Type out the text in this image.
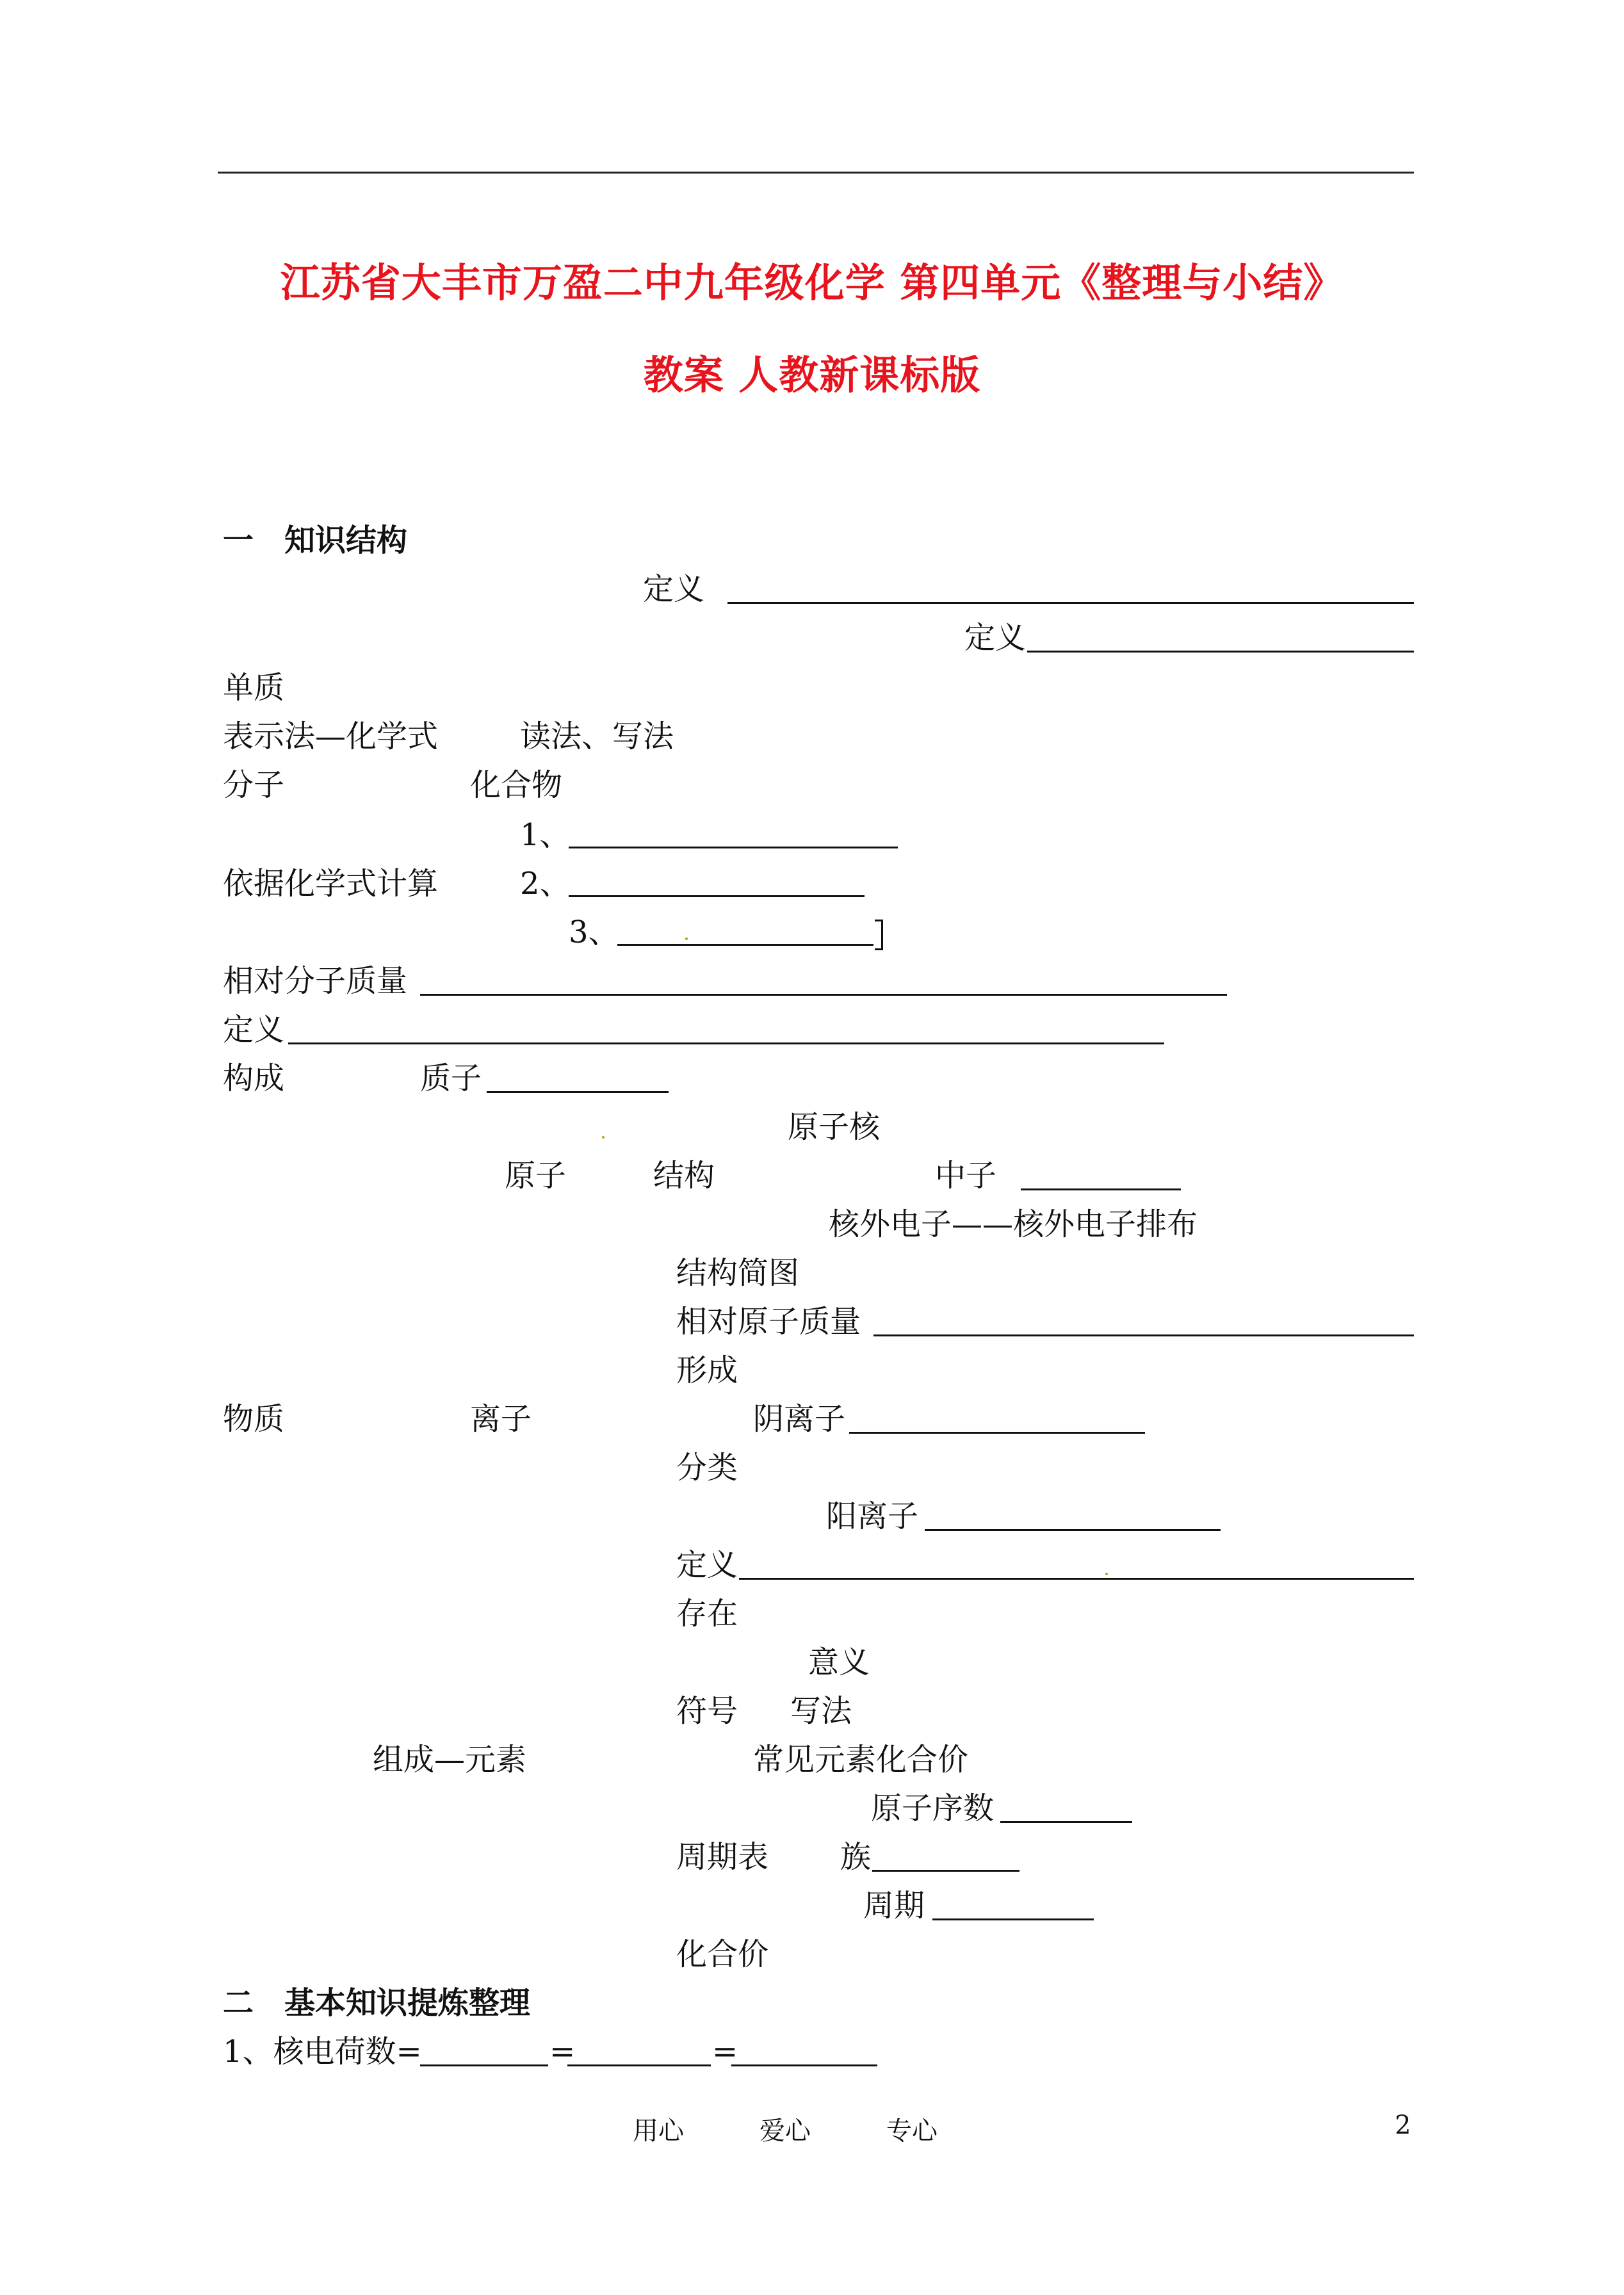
江苏省大丰市万盈二中九年级化学 第四单元《整理与小结》
教案 人教新课标版
一　知识结构
定义
定义
单质
表示法—化学式	读法、写法
分子	化合物
1、
依据化学式计算	2、
3、
相对分子质量
定义
构成	质子
原子核
原子	结构	中子
核外电子——核外电子排布
结构简图
相对原子质量
形成
物质	离子	阴离子
分类
阳离子
定义
存在
意义
符号 写法
组成—元素	常见元素化合价
原子序数
周期表 族
周期
化合价
二　基本知识提炼整理
1、核电荷数=	=	=
用心	爱心	专心	2
